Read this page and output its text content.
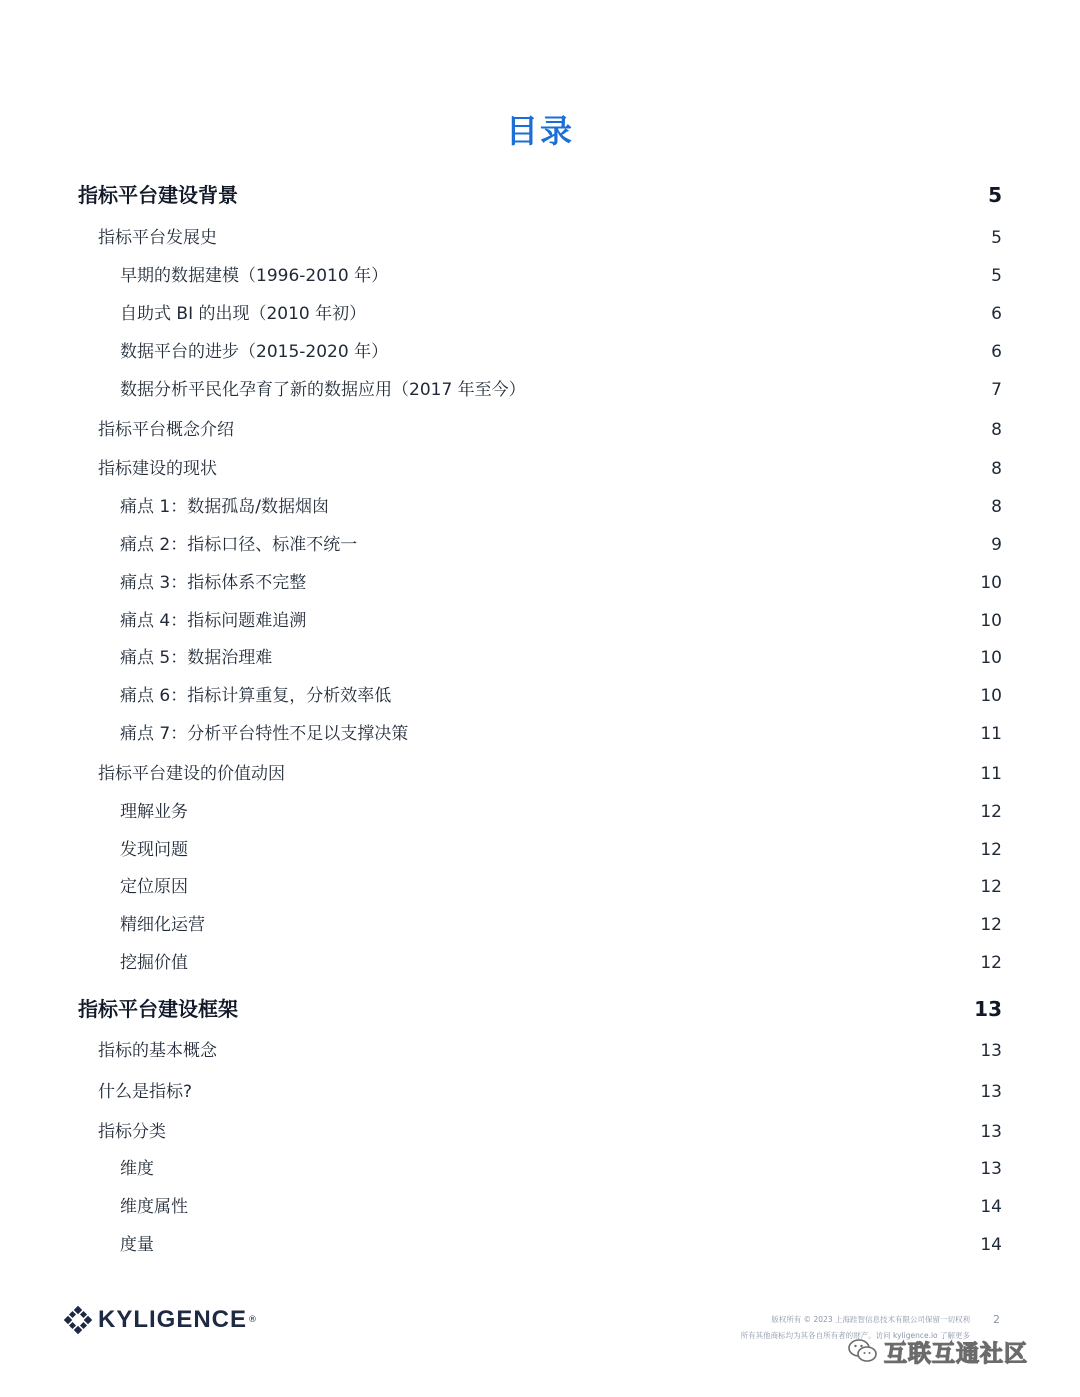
目录
指标平台建设背景	5
指标平台发展史	5
早期的数据建模（1996-2010 年）	5
自助式 BI 的出现（2010 年初）	6
数据平台的进步（2015-2020 年）	6
数据分析平民化孕育了新的数据应用（2017 年至今）	7
指标平台概念介绍	8
指标建设的现状	8
痛点 1：数据孤岛/数据烟囱	8
痛点 2：指标口径、标准不统一	9
痛点 3：指标体系不完整	10
痛点 4：指标问题难追溯	10
痛点 5：数据治理难	10
痛点 6：指标计算重复，分析效率低	10
痛点 7：分析平台特性不足以支撑决策	11
指标平台建设的价值动因	11
理解业务	12
发现问题	12
定位原因	12
精细化运营	12
挖掘价值	12
指标平台建设框架	13
指标的基本概念	13
什么是指标?	13
指标分类	13
维度	13
维度属性	14
度量	14
KYLIGENCE ®	版权所有 © 2023 上海跬智信息技术有限公司保留一切权利
所有其他商标均为其各自所有者的财产。访问 kyligence.io 了解更多
2
互联互通社区
